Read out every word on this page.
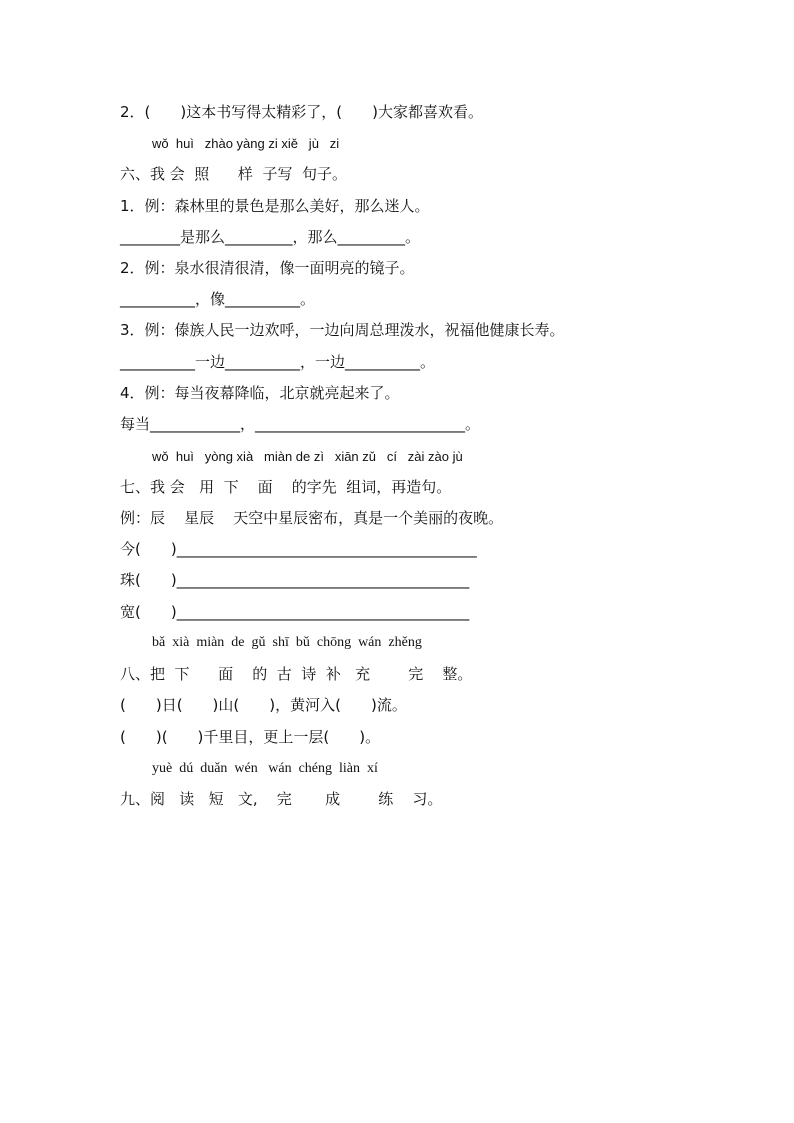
2．(　　)这本书写得太精彩了，(　　)大家都喜欢看。
wǒ  huì   zhào yàng zi xiě   jù   zi
六、我 会  照      样  子写  句子。
1．例：森林里的景色是那么美好，那么迷人。
________是那么_________，那么_________。
2．例：泉水很清很清，像一面明亮的镜子。
__________，像__________。
3．例：傣族人民一边欢呼，一边向周总理泼水，祝福他健康长寿。
__________一边__________，一边__________。
4．例：每当夜幕降临，北京就亮起来了。
每当____________，____________________________。
wǒ  huì   yòng xià   miàn de zì   xiān zǔ   cí   zài zào jù
七、我 会   用  下    面    的字先  组词，再造句。
例：辰    星辰    天空中星辰密布，真是一个美丽的夜晚。
今(　　)________________________________________
珠(　　)_______________________________________
宽(　　)_______________________________________
bǎ  xià  miàn  de  gǔ  shī  bǔ  chōng  wán  zhěng
八、把  下      面    的  古  诗  补   充        完    整。
(　　)日(　　)山(　　)，黄河入(　　)流。
(　　)(　　)千里目，更上一层(　　)。
yuè  dú  duǎn  wén   wán  chéng  liàn  xí
九、阅   读   短   文,    完       成        练    习。
